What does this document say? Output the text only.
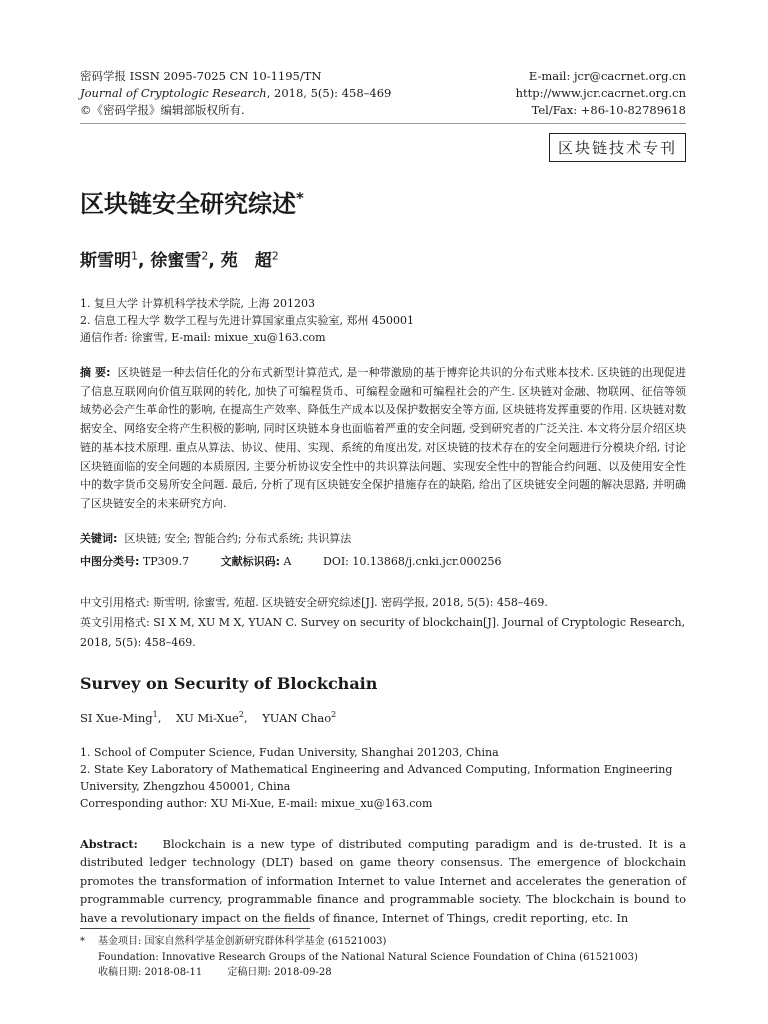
密码学报 ISSN 2095-7025 CN 10-1195/TN
Journal of Cryptologic Research, 2018, 5(5): 458–469
©《密码学报》编辑部版权所有.
E-mail: jcr@cacrnet.org.cn
http://www.jcr.cacrnet.org.cn
Tel/Fax: +86-10-82789618
区块链技术专刊
区块链安全研究综述*
斯雪明$^1$, 徐蜜雪$^2$, 苑　超$^2$
1. 复旦大学 计算机科学技术学院, 上海 201203
2. 信息工程大学 数学工程与先进计算国家重点实验室, 郑州 450001
通信作者: 徐蜜雪, E-mail: mixue_xu@163.com
摘 要: 区块链是一种去信任化的分布式新型计算范式, 是一种带激励的基于博弈论共识的分布式账本技术. 区块链的出现促进了信息互联网向价值互联网的转化, 加快了可编程货币、可编程金融和可编程社会的产生. 区块链对金融、物联网、征信等领域势必会产生革命性的影响, 在提高生产效率、降低生产成本以及保护数据安全等方面, 区块链将发挥重要的作用. 区块链对数据安全、网络安全将产生积极的影响, 同时区块链本身也面临着严重的安全问题, 受到研究者的广泛关注. 本文将分层介绍区块链的基本技术原理. 重点从算法、协议、使用、实现、系统的角度出发, 对区块链的技术存在的安全问题进行分模块介绍, 讨论区块链面临的安全问题的本质原因, 主要分析协议安全性中的共识算法问题、实现安全性中的智能合约问题、以及使用安全性中的数字货币交易所安全问题. 最后, 分析了现有区块链安全保护措施存在的缺陷, 给出了区块链安全问题的解决思路, 并明确了区块链安全的未来研究方向.
关键词: 区块链; 安全; 智能合约; 分布式系统; 共识算法
中图分类号: TP309.7	文献标识码: A	DOI: 10.13868/j.cnki.jcr.000256
中文引用格式: 斯雪明, 徐蜜雪, 苑超. 区块链安全研究综述[J]. 密码学报, 2018, 5(5): 458–469.
英文引用格式: SI X M, XU M X, YUAN C. Survey on security of blockchain[J]. Journal of Cryptologic Research, 2018, 5(5): 458–469.
Survey on Security of Blockchain
SI Xue-Ming$^1$,    XU Mi-Xue$^2$,    YUAN Chao$^2$
1. School of Computer Science, Fudan University, Shanghai 201203, China
2. State Key Laboratory of Mathematical Engineering and Advanced Computing, Information Engineering University, Zhengzhou 450001, China
Corresponding author: XU Mi-Xue, E-mail: mixue_xu@163.com
Abstract: Blockchain is a new type of distributed computing paradigm and is de-trusted. It is a distributed ledger technology (DLT) based on game theory consensus. The emergence of blockchain promotes the transformation of information Internet to value Internet and accelerates the generation of programmable currency, programmable finance and programmable society. The blockchain is bound to have a revolutionary impact on the fields of finance, Internet of Things, credit reporting, etc. In
*	基金项目: 国家自然科学基金创新研究群体科学基金 (61521003)
Foundation: Innovative Research Groups of the National Natural Science Foundation of China (61521003)
收稿日期: 2018-08-11	定稿日期: 2018-09-28
